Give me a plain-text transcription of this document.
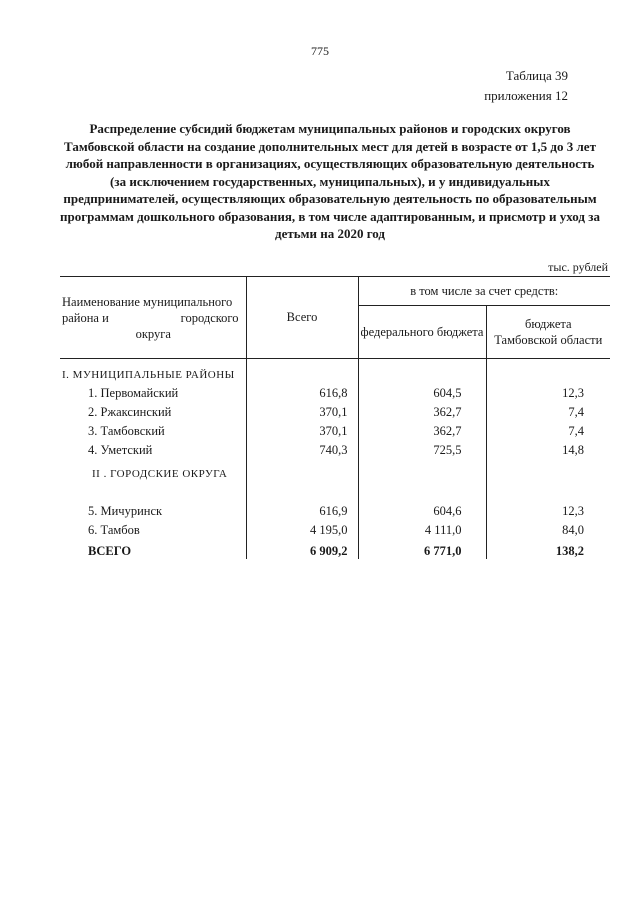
775
Таблица 39
приложения 12
Распределение субсидий бюджетам муниципальных районов и городских округов Тамбовской области на создание дополнительных мест для детей в возрасте от 1,5 до 3 лет любой направленности в организациях, осуществляющих образовательную деятельность (за исключением государственных, муниципальных), и у индивидуальных предпринимателей, осуществляющих образовательную деятельность по образовательным программам дошкольного образования, в том числе адаптированным, и присмотр и уход за детьми на 2020 год
тыс. рублей
Наименование муниципального
района и городского
округа	Всего	в том числе за счет средств:	
		федерального бюджета	бюджета
Тамбовской области

I. МУНИЦИПАЛЬНЫЕ РАЙОНЫ			
1. Первомайский	616,8	604,5	12,3
2. Ржаксинский	370,1	362,7	7,4
3. Тамбовский	370,1	362,7	7,4
4. Уметский	740,3	725,5	14,8
II . ГОРОДСКИЕ ОКРУГА			

5. Мичуринск	616,9	604,6	12,3
6. Тамбов	4 195,0	4 111,0	84,0
ВСЕГО	6 909,2	6 771,0	138,2
